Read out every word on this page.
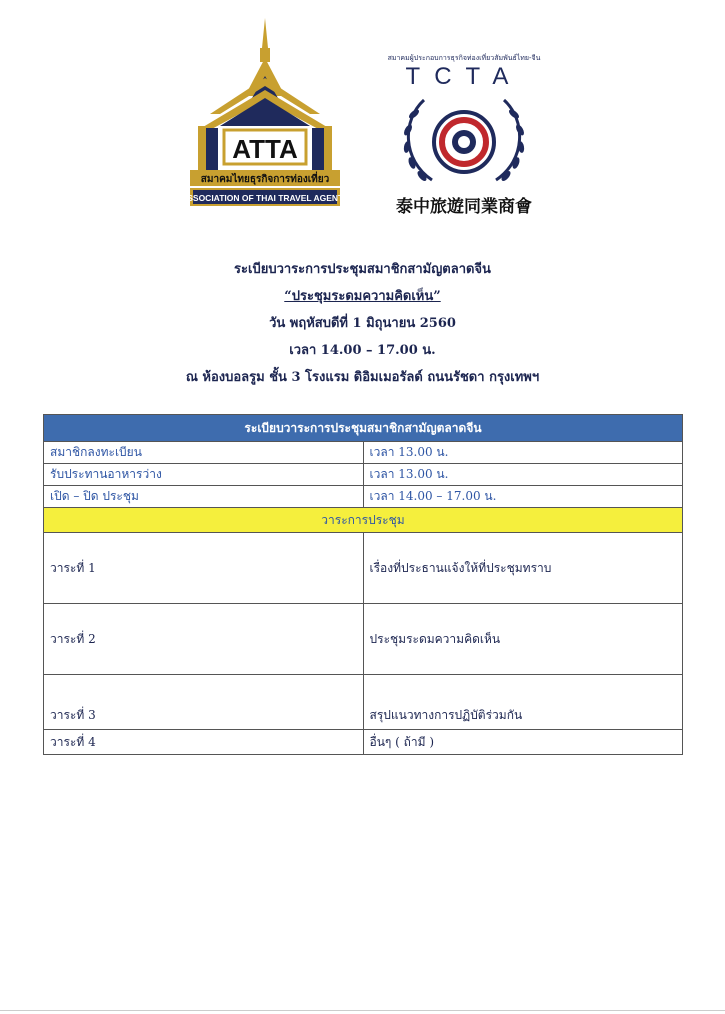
ATTA
สมาคมไทยธุรกิจการท่องเที่ยว
ASSOCIATION OF THAI TRAVEL AGENTS
สมาคมผู้ประกอบการธุรกิจท่องเที่ยวสัมพันธ์ไทย-จีน
TCTA
泰中旅遊同業商會
ระเบียบวาระการประชุมสมาชิกสามัญตลาดจีน
“ประชุมระดมความคิดเห็น”
วัน พฤหัสบดีที่ 1 มิถุนายน 2560
เวลา 14.00 – 17.00 น.
ณ ห้องบอลรูม ชั้น 3 โรงแรม ดิอิมเมอรัลด์ ถนนรัชดา กรุงเทพฯ
ระเบียบวาระการประชุมสมาชิกสามัญตลาดจีน	
สมาชิกลงทะเบียน	เวลา 13.00 น.
รับประทานอาหารว่าง	เวลา 13.00 น.
เปิด – ปิด ประชุม	เวลา 14.00 – 17.00 น.
วาระการประชุม	
วาระที่ 1	เรื่องที่ประธานแจ้งให้ที่ประชุมทราบ
วาระที่ 2	ประชุมระดมความคิดเห็น
วาระที่ 3	สรุปแนวทางการปฏิบัติร่วมกัน
วาระที่ 4	อื่นๆ ( ถ้ามี )
